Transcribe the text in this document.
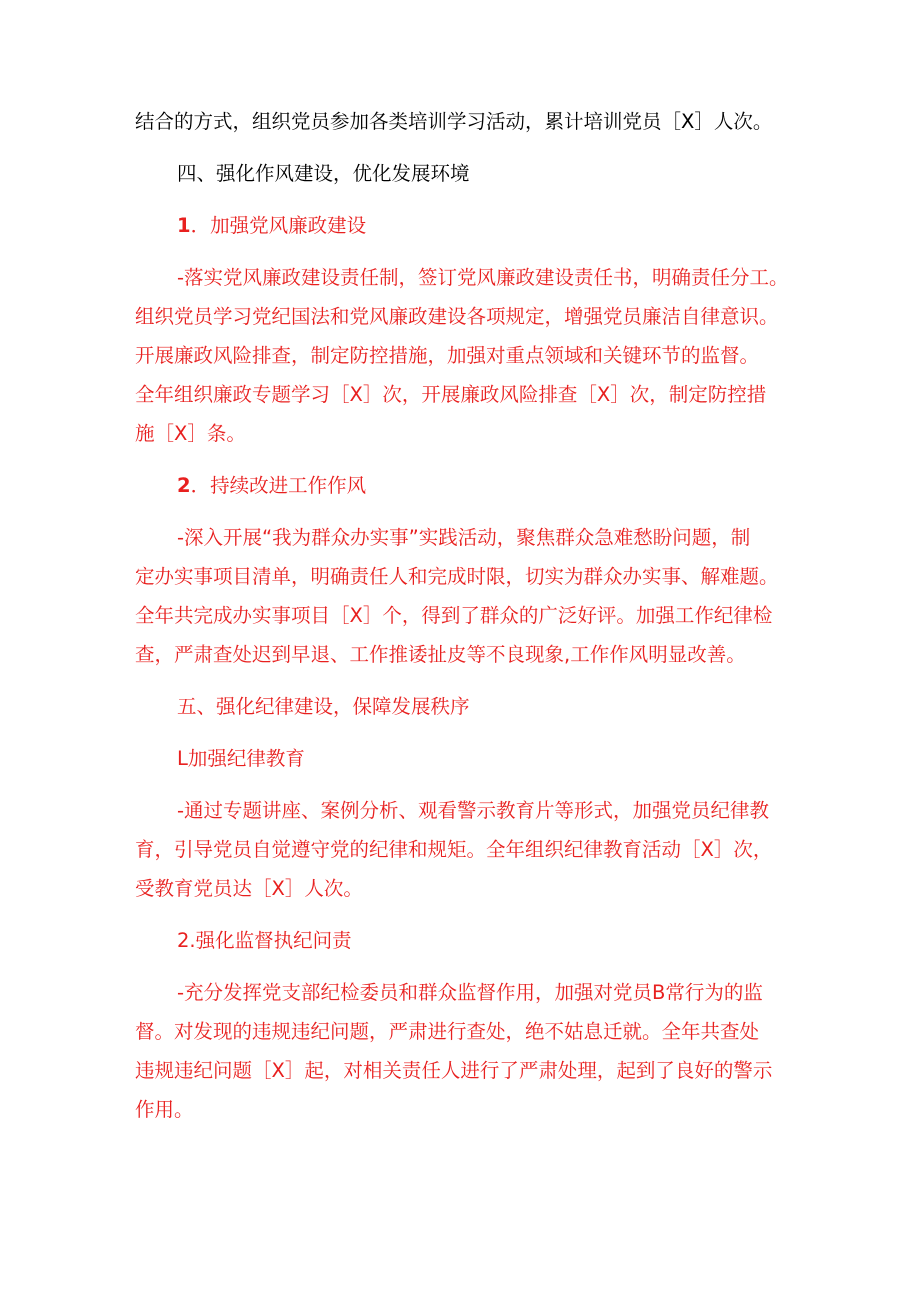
结合的方式，组织党员参加各类培训学习活动，累计培训党员［X］人次。

四、强化作风建设，优化发展环境

1．加强党风廉政建设

-落实党风廉政建设责任制，签订党风廉政建设责任书，明确责任分工。

组织党员学习党纪国法和党风廉政建设各项规定，增强党员廉洁自律意识。

开展廉政风险排查，制定防控措施，加强对重点领域和关键环节的监督。

全年组织廉政专题学习［X］次，开展廉政风险排查［X］次，制定防控措

施［X］条。

2．持续改进工作作风

-深入开展“我为群众办实事”实践活动，聚焦群众急难愁盼问题，制

定办实事项目清单，明确责任人和完成时限，切实为群众办实事、解难题。

全年共完成办实事项目［X］个，得到了群众的广泛好评。加强工作纪律检

查，严肃查处迟到早退、工作推诿扯皮等不良现象,工作作风明显改善。

五、强化纪律建设，保障发展秩序

L加强纪律教育

-通过专题讲座、案例分析、观看警示教育片等形式，加强党员纪律教

育，引导党员自觉遵守党的纪律和规矩。全年组织纪律教育活动［X］次，

受教育党员达［X］人次。

2.强化监督执纪问责

-充分发挥党支部纪检委员和群众监督作用，加强对党员B常行为的监

督。对发现的违规违纪问题，严肃进行查处，绝不姑息迁就。全年共查处

违规违纪问题［X］起，对相关责任人进行了严肃处理，起到了良好的警示

作用。
